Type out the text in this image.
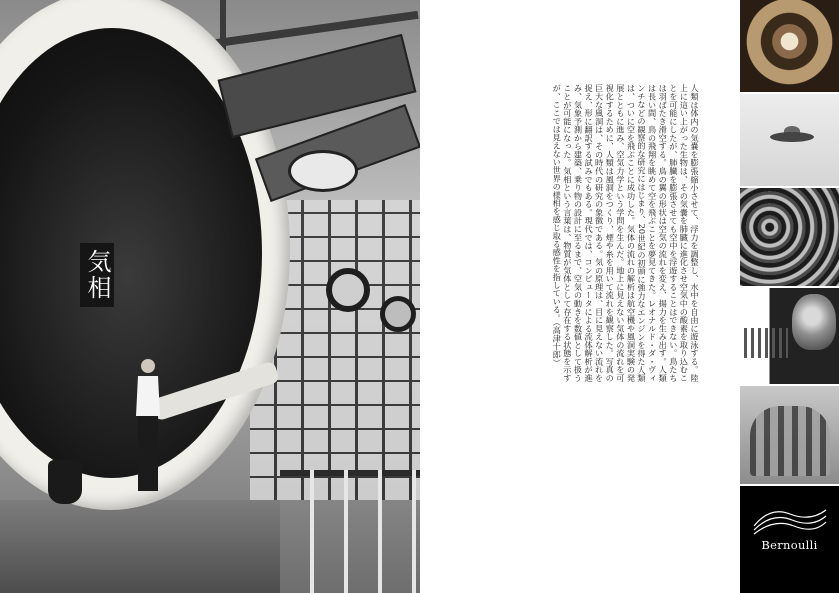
気相	人類は体内の気嚢を膨張縮小させて、浮力を調整し、水中を自由に遊泳する。陸上に這い上がった生物は、その気嚢を肺臓に進化させ空気中の酸素を取り込むことを可能にしたが、肺臓を膨張させても空中を浮遊することはできない。鳥たちは羽ばたき滑空する。鳥の翼の形状は空気の流れを変え、揚力を生み出す。人類は長い間、鳥の飛翔を眺めて空を飛ぶことを夢見てきた。レオナルド・ダ・ヴィンチなどの観察的な研究にはじまり、20世紀の初頭に強力なエンジンを得た人類は、ついに空を飛ぶことに成功した。気体の流れの解析は航空機や風洞実験の発展とともに進み、空気力学という学問を生んだ。地上に見えない気体の流れを可視化するために、人類は風洞をつくり、煙や糸を用いて流れを観察した。写真の巨大な風洞は、その時代の研究の象徴である。気の原理は、目に見えない流れを捉え、形に翻訳する試みでもある。現代では、コンピュータによる流体解析が進み、気象予測から建築、乗り物の設計に至るまで、空気の動きを数値として扱うことが可能になった。気相という言葉は、物質が気体として存在する状態を示すが、ここでは見えない世界の様相を感じ取る感性を指している。（高津十郎）
Bernoulli
